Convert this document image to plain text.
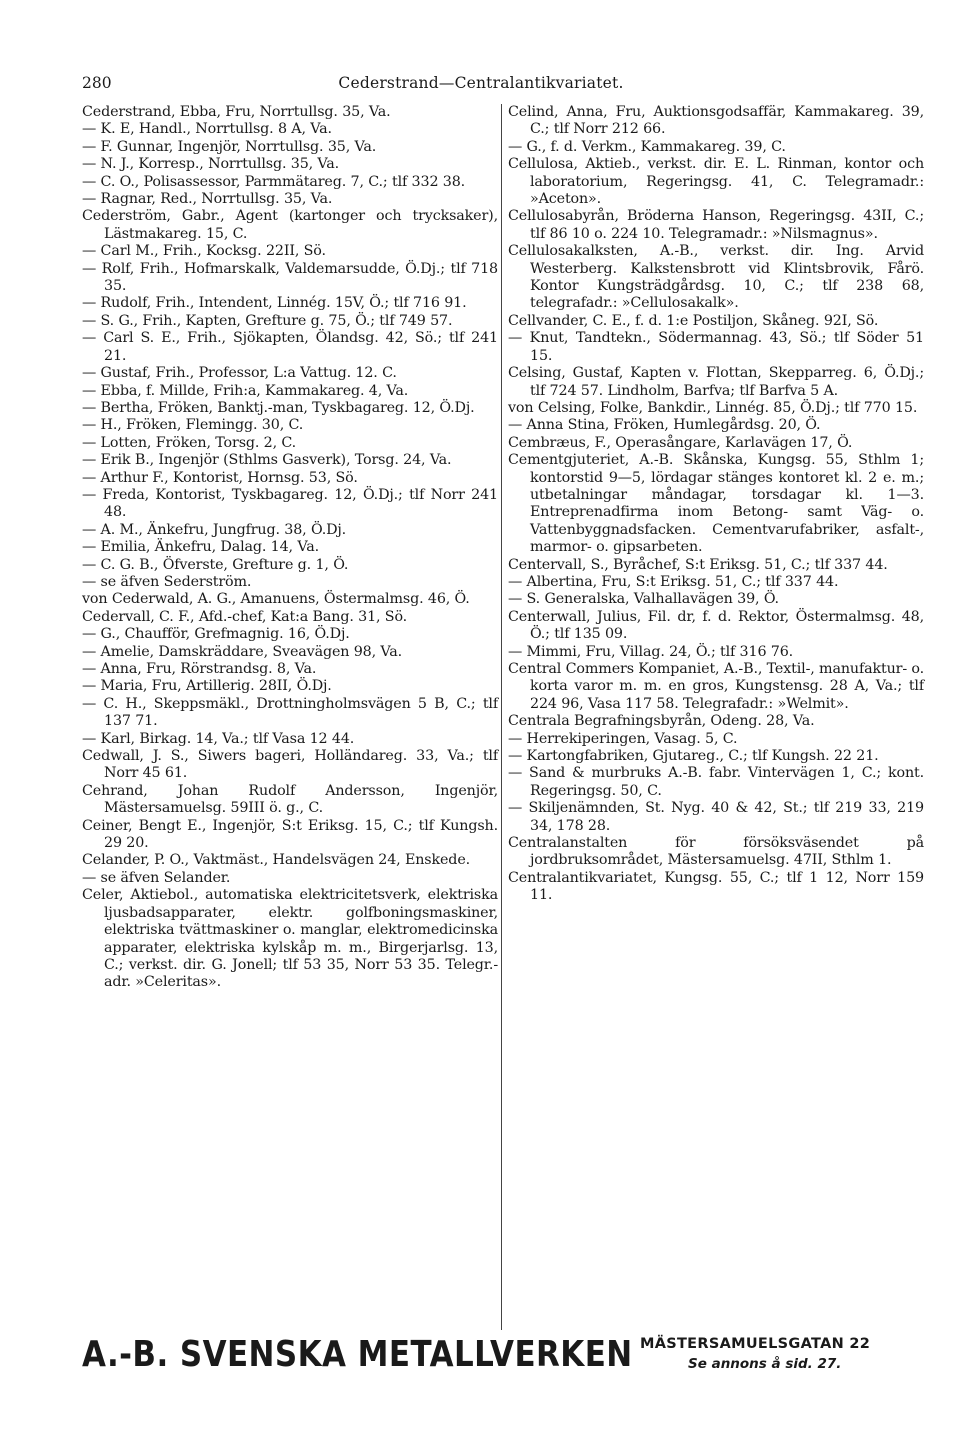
280	Cederstrand—Centralantikvariatet.

Cederstrand, Ebba, Fru, Norrtullsg. 35, Va.

— K. E, Handl., Norrtullsg. 8 A, Va.

— F. Gunnar, Ingenjör, Norrtullsg. 35, Va.

— N. J., Korresp., Norrtullsg. 35, Va.

— C. O., Polisassessor, Parmmätareg. 7, C.; tlf 332 38.

— Ragnar, Red., Norrtullsg. 35, Va.

Cederström, Gabr., Agent (kartonger och trycksaker), Lästmakareg. 15, C.

— Carl M., Frih., Kocksg. 22II, Sö.

— Rolf, Frih., Hofmarskalk, Valdemarsudde, Ö.Dj.; tlf 718 35.

— Rudolf, Frih., Intendent, Linnég. 15V, Ö.; tlf 716 91.

— S. G., Frih., Kapten, Grefture g. 75, Ö.; tlf 749 57.

— Carl S. E., Frih., Sjökapten, Ölandsg. 42, Sö.; tlf 241 21.

— Gustaf, Frih., Professor, L:a Vattug. 12. C.

— Ebba, f. Millde, Frih:a, Kammakareg. 4, Va.

— Bertha, Fröken, Banktj.-man, Tyskbagareg. 12, Ö.Dj.

— H., Fröken, Flemingg. 30, C.

— Lotten, Fröken, Torsg. 2, C.

— Erik B., Ingenjör (Sthlms Gasverk), Torsg. 24, Va.

— Arthur F., Kontorist, Hornsg. 53, Sö.

— Freda, Kontorist, Tyskbagareg. 12, Ö.Dj.; tlf Norr 241 48.

— A. M., Änkefru, Jungfrug. 38, Ö.Dj.

— Emilia, Änkefru, Dalag. 14, Va.

— C. G. B., Öfverste, Grefture g. 1, Ö.

— se äfven Sederström.

von Cederwald, A. G., Amanuens, Östermalmsg. 46, Ö.

Cedervall, C. F., Afd.-chef, Kat:a Bang. 31, Sö.

— G., Chaufför, Grefmagnig. 16, Ö.Dj.

— Amelie, Damskräddare, Sveavägen 98, Va.

— Anna, Fru, Rörstrandsg. 8, Va.

— Maria, Fru, Artillerig. 28II, Ö.Dj.

— C. H., Skeppsmäkl., Drottningholmsvägen 5 B, C.; tlf 137 71.

— Karl, Birkag. 14, Va.; tlf Vasa 12 44.

Cedwall, J. S., Siwers bageri, Holländareg. 33, Va.; tlf Norr 45 61.

Cehrand, Johan Rudolf Andersson, Ingenjör, Mästersamuelsg. 59III ö. g., C.

Ceiner, Bengt E., Ingenjör, S:t Eriksg. 15, C.; tlf Kungsh. 29 20.

Celander, P. O., Vaktmäst., Handelsvägen 24, Enskede.

— se äfven Selander.

Celer, Aktiebol., automatiska elektricitetsverk, elektriska ljusbadsapparater, elektr. golfboningsmaskiner, elektriska tvättmaskiner o. manglar, elektromedicinska apparater, elektriska kylskåp m. m., Birgerjarlsg. 13, C.; verkst. dir. G. Jonell; tlf 53 35, Norr 53 35. Telegr.-adr. »Celeritas».

Celind, Anna, Fru, Auktionsgodsaffär, Kammakareg. 39, C.; tlf Norr 212 66.

— G., f. d. Verkm., Kammakareg. 39, C.

Cellulosa, Aktieb., verkst. dir. E. L. Rinman, kontor och laboratorium, Regeringsg. 41, C. Telegramadr.: »Aceton».

Cellulosabyrån, Bröderna Hanson, Regeringsg. 43II, C.; tlf 86 10 o. 224 10. Telegramadr.: »Nilsmagnus».

Cellulosakalksten, A.-B., verkst. dir. Ing. Arvid Westerberg. Kalkstensbrott vid Klintsbrovik, Fårö. Kontor Kungsträdgårdsg. 10, C.; tlf 238 68, telegrafadr.: »Cellulosakalk».

Cellvander, C. E., f. d. 1:e Postiljon, Skåneg. 92I, Sö.

— Knut, Tandtekn., Södermannag. 43, Sö.; tlf Söder 51 15.

Celsing, Gustaf, Kapten v. Flottan, Skepparreg. 6, Ö.Dj.; tlf 724 57. Lindholm, Barfva; tlf Barfva 5 A.

von Celsing, Folke, Bankdir., Linnég. 85, Ö.Dj.; tlf 770 15.

— Anna Stina, Fröken, Humlegårdsg. 20, Ö.

Cembræus, F., Operasångare, Karlavägen 17, Ö.

Cementgjuteriet, A.-B. Skånska, Kungsg. 55, Sthlm 1; kontorstid 9—5, lördagar stänges kontoret kl. 2 e. m.; utbetalningar måndagar, torsdagar kl. 1—3. Entreprenadfirma inom Betong- samt Väg- o. Vattenbyggnadsfacken. Cementvarufabriker, asfalt-, marmor- o. gipsarbeten.

Centervall, S., Byråchef, S:t Eriksg. 51, C.; tlf 337 44.

— Albertina, Fru, S:t Eriksg. 51, C.; tlf 337 44.

— S. Generalska, Valhallavägen 39, Ö.

Centerwall, Julius, Fil. dr, f. d. Rektor, Östermalmsg. 48, Ö.; tlf 135 09.

— Mimmi, Fru, Villag. 24, Ö.; tlf 316 76.

Central Commers Kompaniet, A.-B., Textil-, manufaktur- o. korta varor m. m. en gros, Kungstensg. 28 A, Va.; tlf 224 96, Vasa 117 58. Telegrafadr.: »Welmit».

Centrala Begrafningsbyrån, Odeng. 28, Va.

— Herrekiperingen, Vasag. 5, C.

— Kartongfabriken, Gjutareg., C.; tlf Kungsh. 22 21.

— Sand & murbruks A.-B. fabr. Vintervägen 1, C.; kont. Regeringsg. 50, C.

— Skiljenämnden, St. Nyg. 40 & 42, St.; tlf 219 33, 219 34, 178 28.

Centralanstalten för försöksväsendet på jordbruksområdet, Mästersamuelsg. 47II, Sthlm 1.

Centralantikvariatet, Kungsg. 55, C.; tlf 1 12, Norr 159 11.

A.-B. SVENSKA METALLVERKEN MÄSTERSAMUELSGATAN 22
Se annons å sid. 27.
